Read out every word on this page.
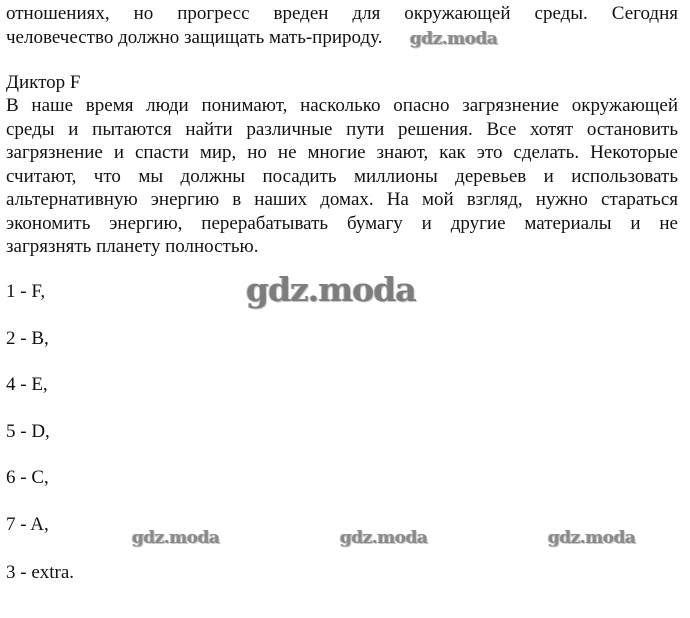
отношениях, но прогресс вреден для окружающей среды. Сегодня
человечество должно защищать мать-природу.
Диктор F
В наше время люди понимают, насколько опасно загрязнение окружающей
среды и пытаются найти различные пути решения. Все хотят остановить
загрязнение и спасти мир, но не многие знают, как это сделать. Некоторые
считают, что мы должны посадить миллионы деревьев и использовать
альтернативную энергию в наших домах. На мой взгляд, нужно стараться
экономить энергию, перерабатывать бумагу и другие материалы и не
загрязнять планету полностью.
1 - F,
2 - B,
4 - E,
5 - D,
6 - C,
7 - A,
3 - extra.
gdz.moda
gdz.moda
gdz.moda	gdz.moda	gdz.moda
